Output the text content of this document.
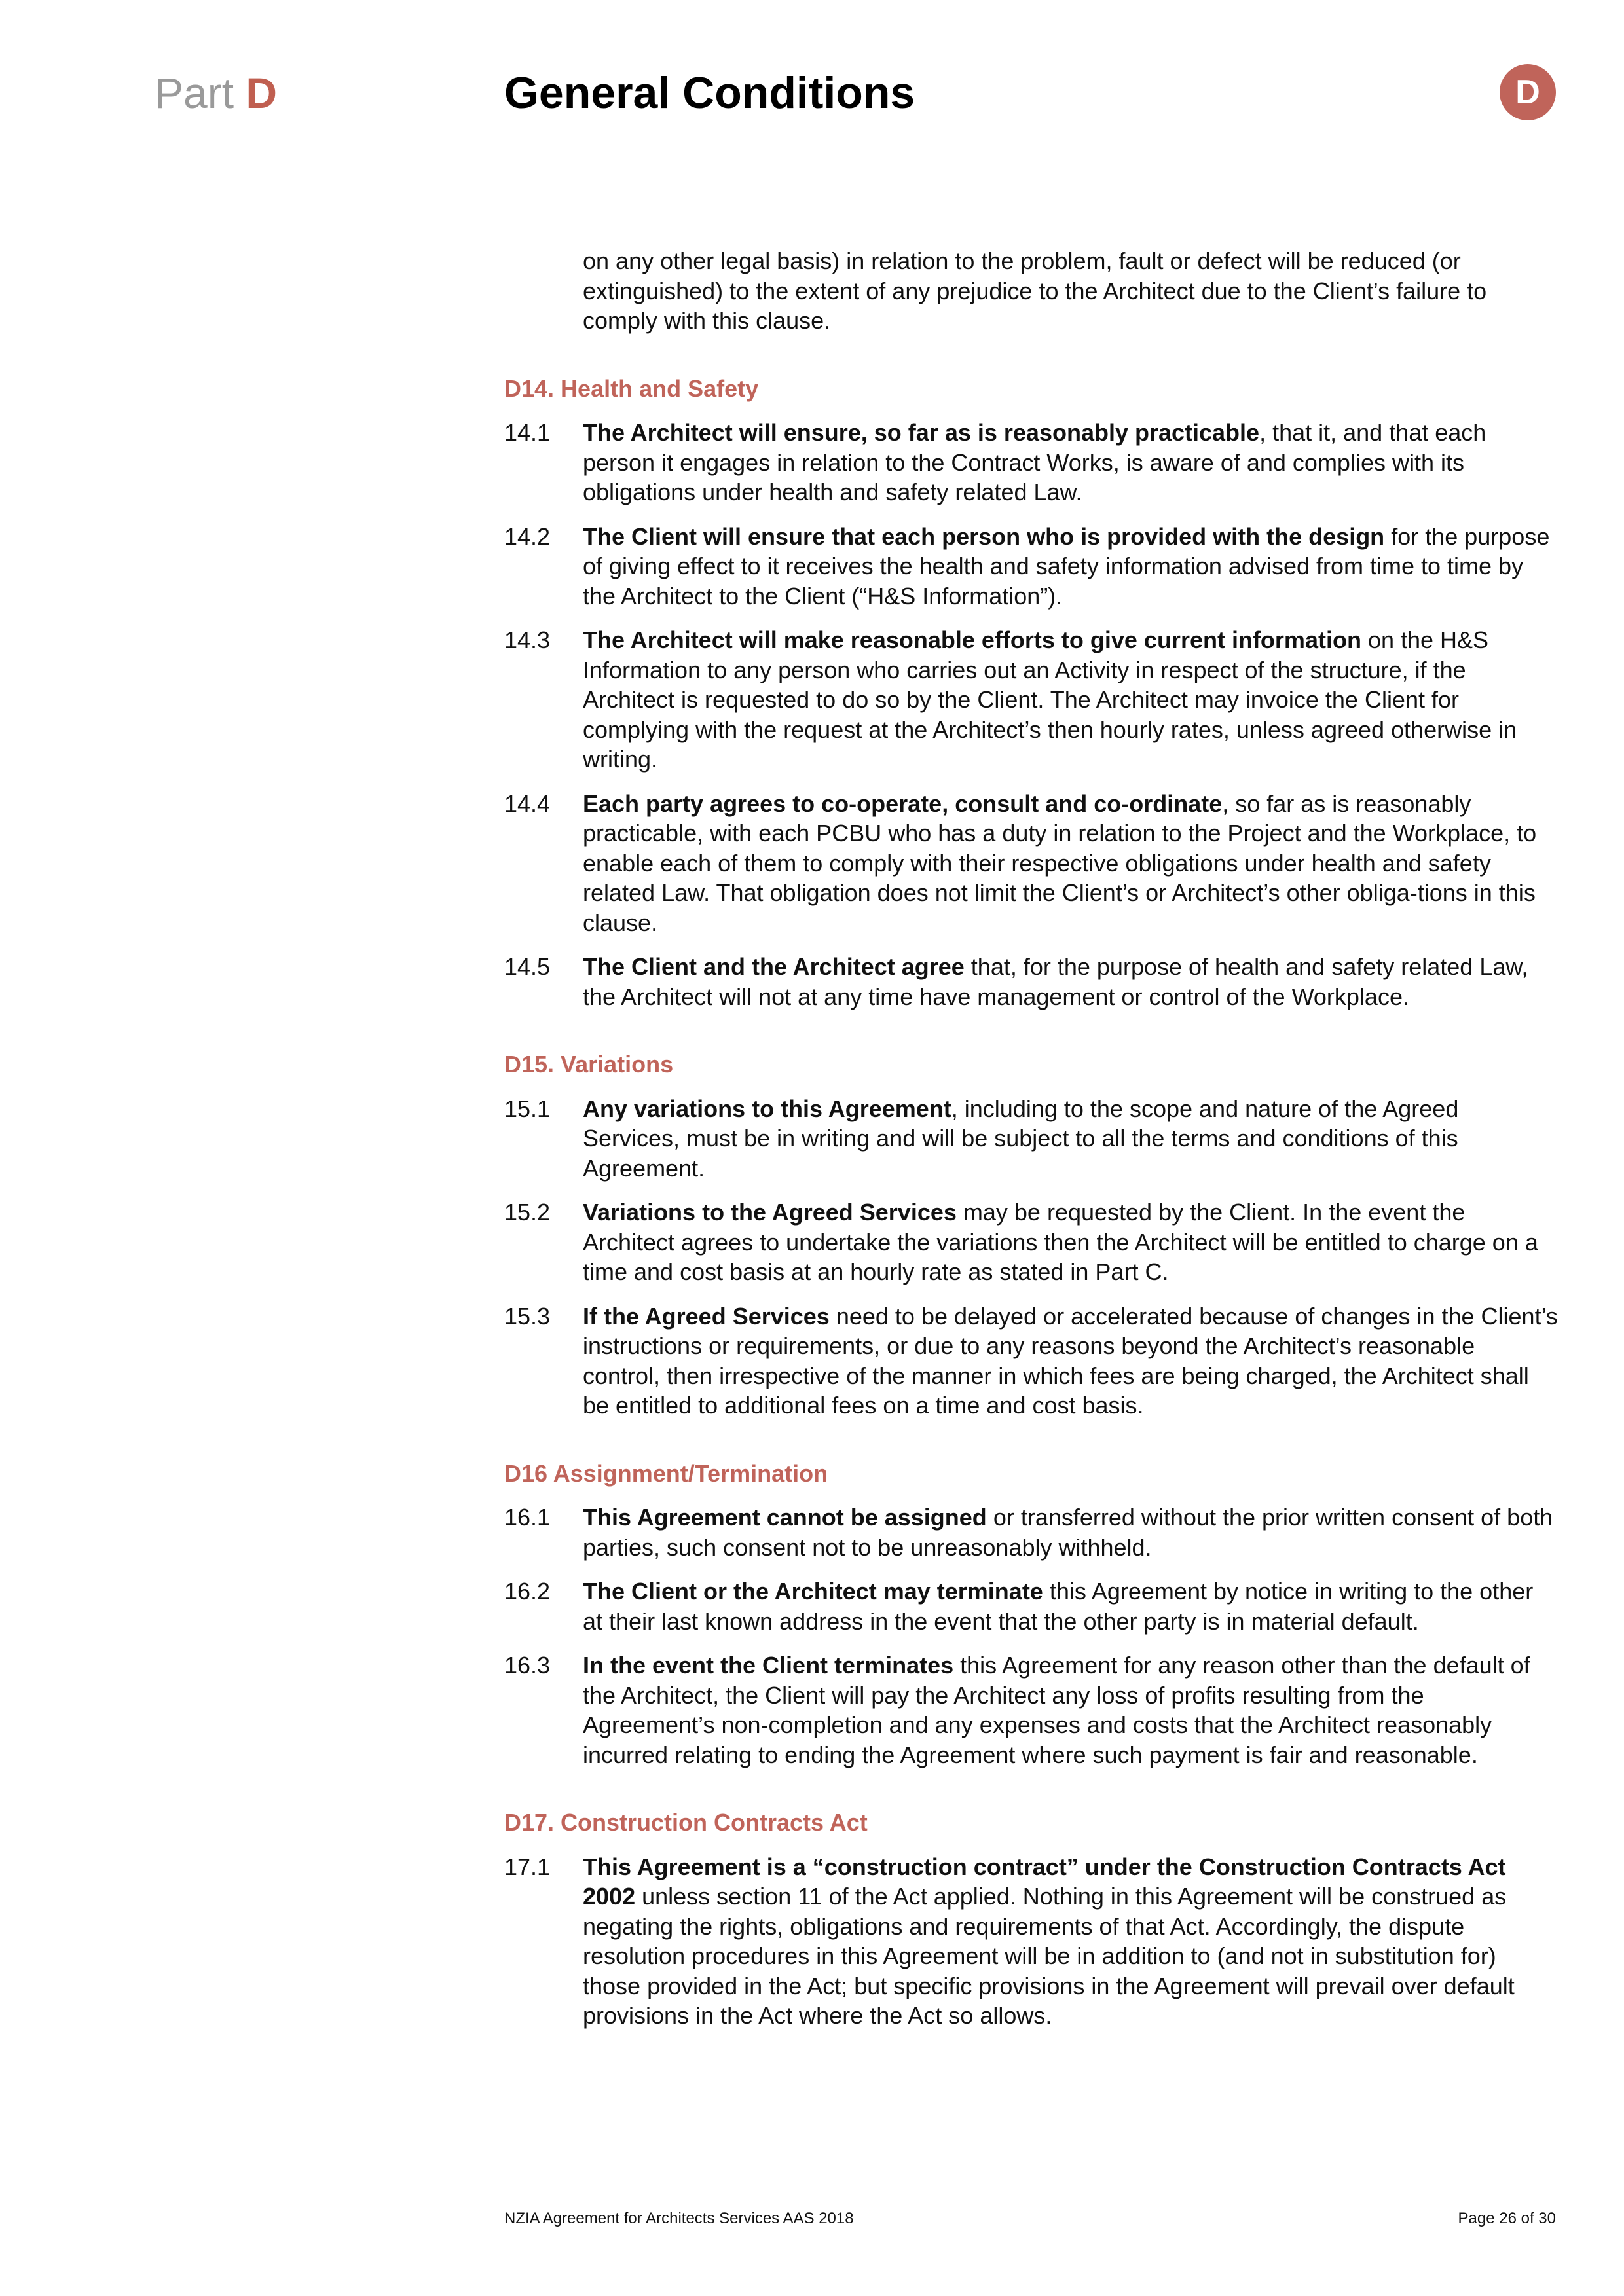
Part D	General Conditions	D

on any other legal basis) in relation to the problem, fault or defect will be reduced (or extinguished) to the extent of any prejudice to the Architect due to the Client’s failure to comply with this clause.

D14. Health and Safety
14.1	The Architect will ensure, so far as is reasonably practicable, that it, and that each person it engages in relation to the Contract Works, is aware of and complies with its obligations under health and safety related Law.
14.2	The Client will ensure that each person who is provided with the design for the purpose of giving effect to it receives the health and safety information advised from time to time by the Architect to the Client (“H&S Information”).
14.3	The Architect will make reasonable efforts to give current information on the H&S Information to any person who carries out an Activity in respect of the structure, if the Architect is requested to do so by the Client. The Architect may invoice the Client for complying with the request at the Architect’s then hourly rates, unless agreed otherwise in writing.
14.4	Each party agrees to co-operate, consult and co-ordinate, so far as is reasonably practicable, with each PCBU who has a duty in relation to the Project and the Workplace, to enable each of them to comply with their respective obligations under health and safety related Law. That obligation does not limit the Client’s or Architect’s other obliga-tions in this clause.
14.5	The Client and the Architect agree that, for the purpose of health and safety related Law, the Architect will not at any time have management or control of the Workplace.
D15. Variations
15.1	Any variations to this Agreement, including to the scope and nature of the Agreed Services, must be in writing and will be subject to all the terms and conditions of this Agreement.
15.2	Variations to the Agreed Services may be requested by the Client. In the event the Architect agrees to undertake the variations then the Architect will be entitled to charge on a time and cost basis at an hourly rate as stated in Part C.
15.3	If the Agreed Services need to be delayed or accelerated because of changes in the Client’s instructions or requirements, or due to any reasons beyond the Architect’s reasonable control, then irrespective of the manner in which fees are being charged, the Architect shall be entitled to additional fees on a time and cost basis.
D16 Assignment/Termination
16.1	This Agreement cannot be assigned or transferred without the prior written consent of both parties, such consent not to be unreasonably withheld.
16.2	The Client or the Architect may terminate this Agreement by notice in writing to the other at their last known address in the event that the other party is in material default.
16.3	In the event the Client terminates this Agreement for any reason other than the default of the Architect, the Client will pay the Architect any loss of profits resulting from the Agreement’s non-completion and any expenses and costs that the Architect reasonably incurred relating to ending the Agreement where such payment is fair and reasonable.
D17. Construction Contracts Act
17.1	This Agreement is a “construction contract” under the Construction Contracts Act 2002 unless section 11 of the Act applied. Nothing in this Agreement will be construed as negating the rights, obligations and requirements of that Act. Accordingly, the dispute resolution procedures in this Agreement will be in addition to (and not in substitution for) those provided in the Act; but specific provisions in the Agreement will prevail over default provisions in the Act where the Act so allows.
NZIA Agreement for Architects Services AAS 2018	Page 26 of 30
